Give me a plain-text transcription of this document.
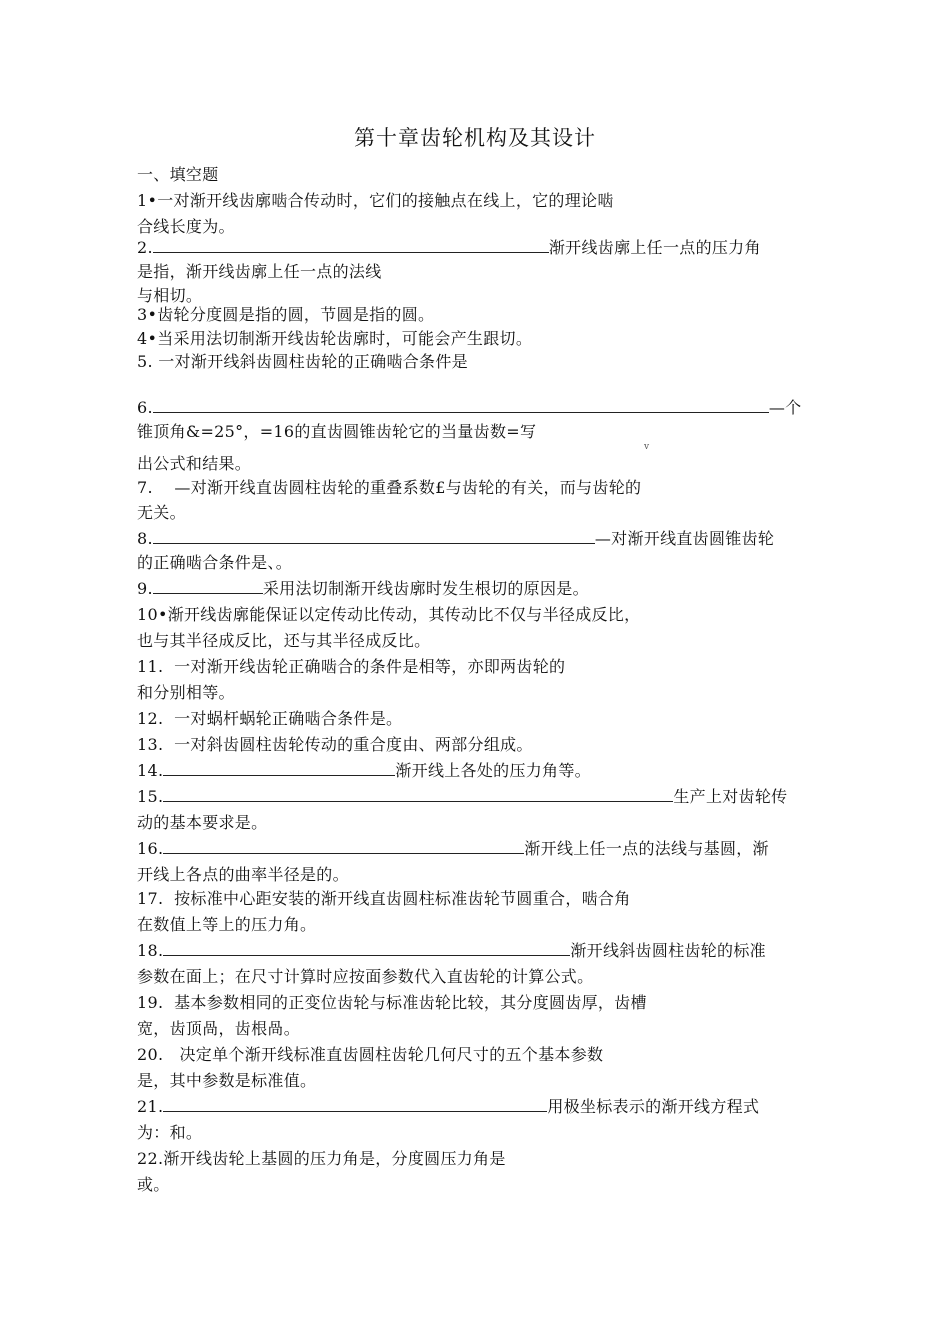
第十章齿轮机构及其设计
一、填空题
1•一对渐开线齿廓啮合传动时，它们的接触点在线上，它的理论啮
合线长度为。
2.	渐开线齿廓上任一点的压力角
是指，渐开线齿廓上任一点的法线
与相切。
3•齿轮分度圆是指的圆，节圆是指的圆。
4•当采用法切制渐开线齿轮齿廓时，可能会产生跟切。
5. 一对渐开线斜齿圆柱齿轮的正确啮合条件是
6.	—个
锥顶角&=25°，=16的直齿圆锥齿轮它的当量齿数=写
v
出公式和结果。
7.    —对渐开线直齿圆柱齿轮的重叠系数£与齿轮的有关，而与齿轮的
无关。
8.	—对渐开线直齿圆锥齿轮
的正确啮合条件是、。
9.	采用法切制渐开线齿廓时发生根切的原因是。
10•渐开线齿廓能保证以定传动比传动，其传动比不仅与半径成反比，
也与其半径成反比，还与其半径成反比。
11.  一对渐开线齿轮正确啮合的条件是相等，亦即两齿轮的
和分别相等。
12.  一对蜗杆蜗轮正确啮合条件是。
13.  一对斜齿圆柱齿轮传动的重合度由、两部分组成。
14.	渐开线上各处的压力角等。
15.	生产上对齿轮传
动的基本要求是。
16.	渐开线上任一点的法线与基圆，渐
开线上各点的曲率半径是的。
17.  按标准中心距安装的渐开线直齿圆柱标准齿轮节圆重合，啮合角
在数值上等上的压力角。
18.	渐开线斜齿圆柱齿轮的标准
参数在面上；在尺寸计算时应按面参数代入直齿轮的计算公式。
19.  基本参数相同的正变位齿轮与标准齿轮比较，其分度圆齿厚，齿槽
宽，齿顶咼，齿根咼。
20.   决定单个渐开线标准直齿圆柱齿轮几何尺寸的五个基本参数
是，其中参数是标准值。
21.	用极坐标表示的渐开线方程式
为：和。
22.渐开线齿轮上基圆的压力角是，分度圆压力角是
或。
